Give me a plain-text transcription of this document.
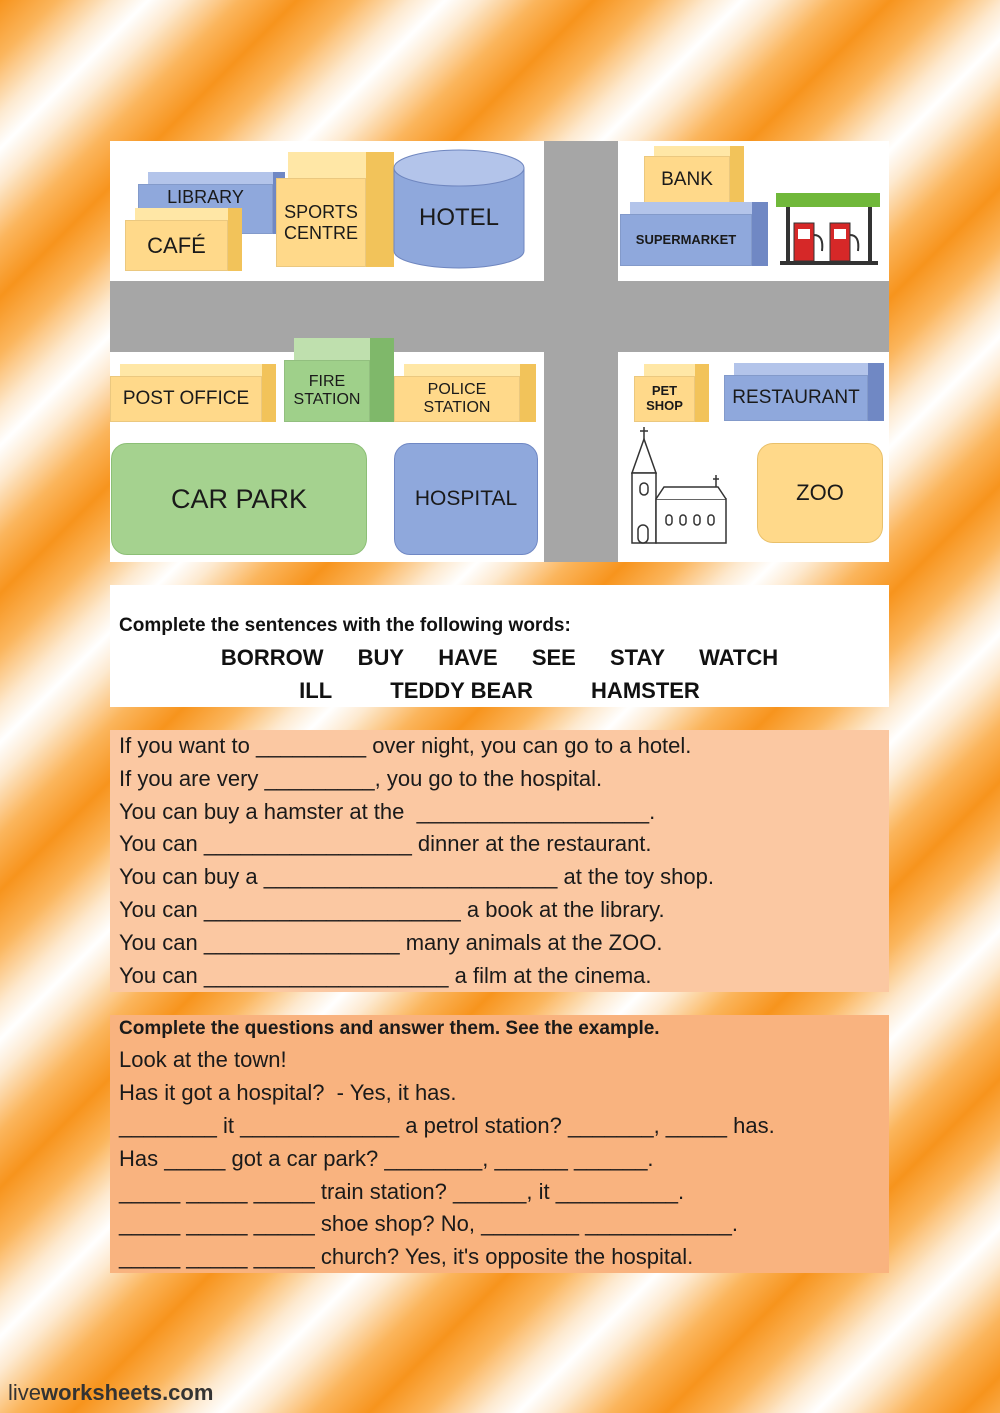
LIBRARY
CAFÉ
SPORTS
CENTRE
HOTEL
BANK
SUPERMARKET
POST OFFICE
FIRE
STATION
POLICE
STATION
PET
SHOP	RESTAURANT
CAR PARK	HOSPITAL	ZOO
Complete the sentences with the following words:
BORROW BUY HAVE SEE STAY WATCH
ILL	TEDDY BEAR	HAMSTER
If you want to _________ over night, you can go to a hotel.
If you are very _________, you go to the hospital.
You can buy a hamster at the  ___________________.
You can _________________ dinner at the restaurant.
You can buy a ________________________ at the toy shop.
You can _____________________ a book at the library.
You can ________________ many animals at the ZOO.
You can ____________________ a film at the cinema.
Complete the questions and answer them. See the example.
Look at the town!
Has it got a hospital?  - Yes, it has.
________ it _____________ a petrol station? _______, _____ has.
Has _____ got a car park? ________, ______ ______.
_____ _____ _____ train station? ______, it __________.
_____ _____ _____ shoe shop? No, ________ ____________.
_____ _____ _____ church? Yes, it's opposite the hospital.
liveworksheets.com
